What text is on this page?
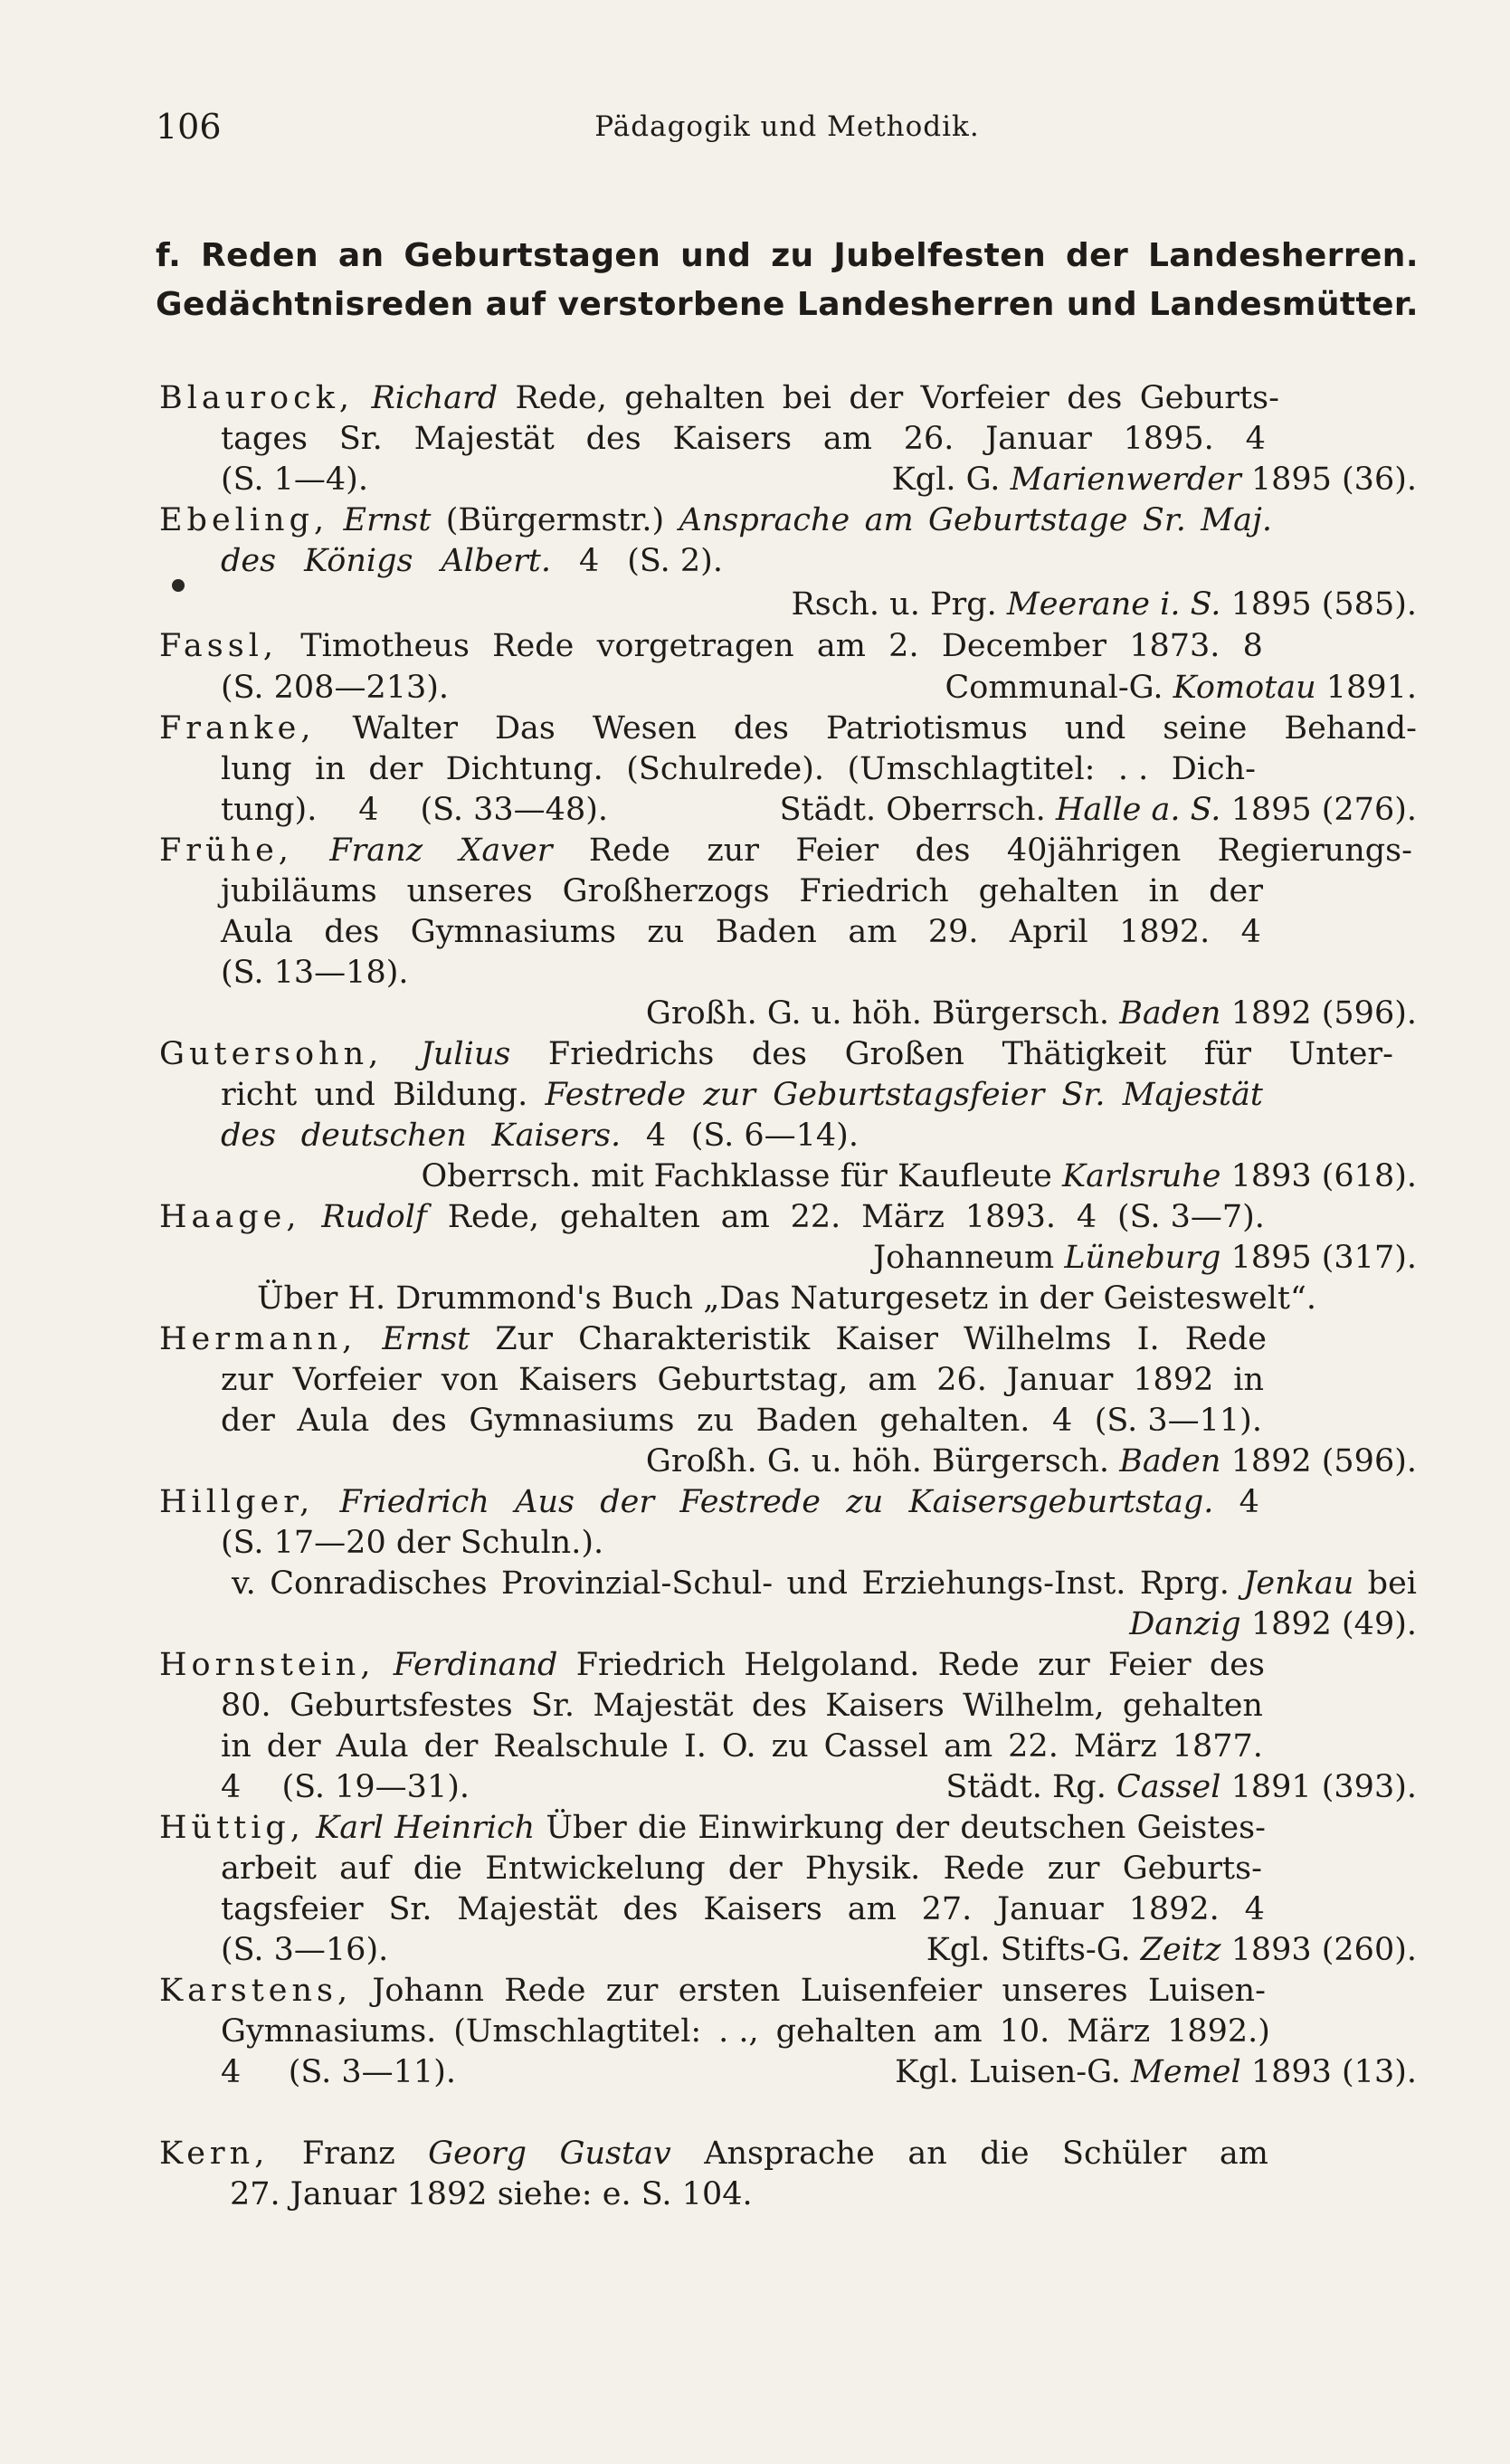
106	Pädagogik und Methodik.
f. Reden an Geburtstagen und zu Jubelfesten der Landesherren.
Gedächtnisreden auf verstorbene Landesherren und Landesmütter.
Blaurock, Richard Rede, gehalten bei der Vorfeier des Geburts-
tages Sr. Majestät des Kaisers am 26. Januar 1895. 4
(S. 1—4).	Kgl. G. Marienwerder 1895 (36).
Ebeling, Ernst (Bürgermstr.) Ansprache am Geburtstage Sr. Maj.
des Königs Albert. 4 (S. 2).
Rsch. u. Prg. Meerane i. S. 1895 (585).
Fassl, Timotheus Rede vorgetragen am 2. December 1873. 8
(S. 208—213).	Communal-G. Komotau 1891.
Franke, Walter Das Wesen des Patriotismus und seine Behand-
lung in der Dichtung. (Schulrede). (Umschlagtitel: . . Dich-
tung). 4 (S. 33—48).	Städt. Oberrsch. Halle a. S. 1895 (276).
Frühe, Franz Xaver Rede zur Feier des 40jährigen Regierungs-
jubiläums unseres Großherzogs Friedrich gehalten in der
Aula des Gymnasiums zu Baden am 29. April 1892. 4
(S. 13—18).
Großh. G. u. höh. Bürgersch. Baden 1892 (596).
Gutersohn, Julius Friedrichs des Großen Thätigkeit für Unter-
richt und Bildung. Festrede zur Geburtstagsfeier Sr. Majestät
des deutschen Kaisers. 4 (S. 6—14).
Oberrsch. mit Fachklasse für Kaufleute Karlsruhe 1893 (618).
Haage, Rudolf Rede, gehalten am 22. März 1893. 4 (S. 3—7).
Johanneum Lüneburg 1895 (317).
Über H. Drummond's Buch „Das Naturgesetz in der Geisteswelt“.
Hermann, Ernst Zur Charakteristik Kaiser Wilhelms I. Rede
zur Vorfeier von Kaisers Geburtstag, am 26. Januar 1892 in
der Aula des Gymnasiums zu Baden gehalten. 4 (S. 3—11).
Großh. G. u. höh. Bürgersch. Baden 1892 (596).
Hillger, Friedrich Aus der Festrede zu Kaisersgeburtstag. 4
(S. 17—20 der Schuln.).
v. Conradisches Provinzial-Schul- und Erziehungs-Inst. Rprg. Jenkau bei
Danzig 1892 (49).
Hornstein, Ferdinand Friedrich Helgoland. Rede zur Feier des
80. Geburtsfestes Sr. Majestät des Kaisers Wilhelm, gehalten
in der Aula der Realschule I. O. zu Cassel am 22. März 1877.
4 (S. 19—31).	Städt. Rg. Cassel 1891 (393).
Hüttig, Karl Heinrich Über die Einwirkung der deutschen Geistes-
arbeit auf die Entwickelung der Physik. Rede zur Geburts-
tagsfeier Sr. Majestät des Kaisers am 27. Januar 1892. 4
(S. 3—16).	Kgl. Stifts-G. Zeitz 1893 (260).
Karstens, Johann Rede zur ersten Luisenfeier unseres Luisen-
Gymnasiums. (Umschlagtitel: . ., gehalten am 10. März 1892.)
4 (S. 3—11).	Kgl. Luisen-G. Memel 1893 (13).
Kern, Franz Georg Gustav Ansprache an die Schüler am
27. Januar 1892 siehe: e. S. 104.
